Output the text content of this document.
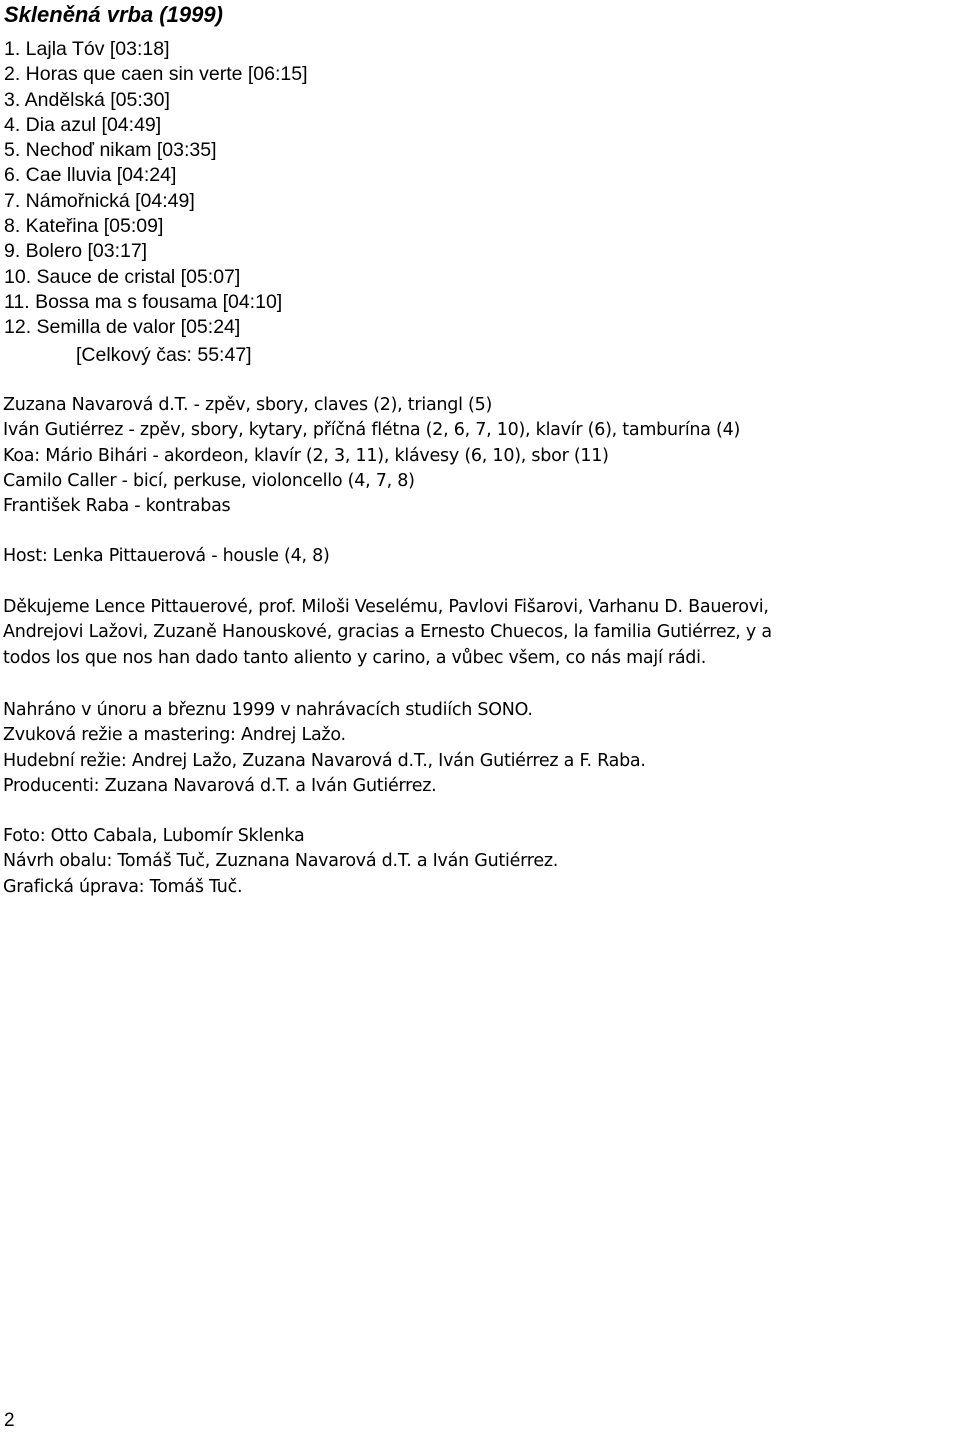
Skleněná vrba (1999)
1. Lajla Tóv [03:18]
2. Horas que caen sin verte [06:15]
3. Andělská [05:30]
4. Dia azul [04:49]
5. Nechoď nikam [03:35]
6. Cae lluvia [04:24]
7. Námořnická [04:49]
8. Kateřina [05:09]
9. Bolero [03:17]
10. Sauce de cristal [05:07]
11. Bossa ma s fousama [04:10]
12. Semilla de valor [05:24]
[Celkový čas: 55:47]
Zuzana Navarová d.T. - zpěv, sbory, claves (2), triangl (5)
Iván Gutiérrez - zpěv, sbory, kytary, příčná flétna (2, 6, 7, 10), klavír (6), tamburína (4)
Koa: Mário Bihári - akordeon, klavír (2, 3, 11), klávesy (6, 10), sbor (11)
Camilo Caller - bicí, perkuse, violoncello (4, 7, 8)
František Raba - kontrabas
Host: Lenka Pittauerová - housle (4, 8)
Děkujeme Lence Pittauerové, prof. Miloši Veselému, Pavlovi Fišarovi, Varhanu D. Bauerovi,
Andrejovi Lažovi, Zuzaně Hanouskové, gracias a Ernesto Chuecos, la familia Gutiérrez, y a
todos los que nos han dado tanto aliento y carino, a vůbec všem, co nás mají rádi.
Nahráno v únoru a březnu 1999 v nahrávacích studiích SONO.
Zvuková režie a mastering: Andrej Lažo.
Hudební režie: Andrej Lažo, Zuzana Navarová d.T., Iván Gutiérrez a F. Raba.
Producenti: Zuzana Navarová d.T. a Iván Gutiérrez.
Foto: Otto Cabala, Lubomír Sklenka
Návrh obalu: Tomáš Tuč, Zuznana Navarová d.T. a Iván Gutiérrez.
Grafická úprava: Tomáš Tuč.
2
